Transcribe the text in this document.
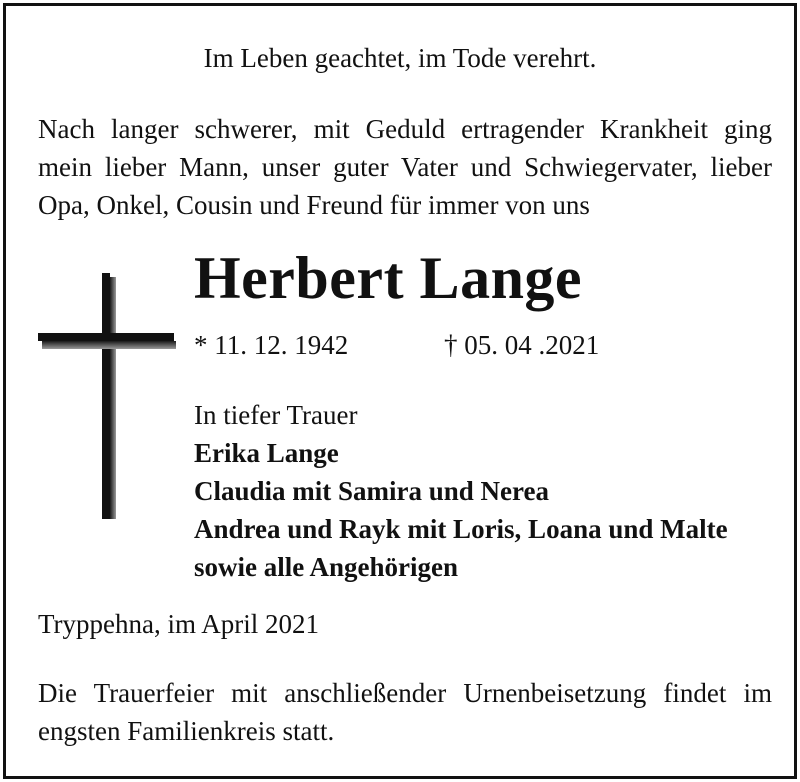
Im Leben geachtet, im Tode verehrt.
Nach langer schwerer, mit Geduld ertragender Krankheit ging
mein lieber Mann, unser guter Vater und Schwiegervater, lieber
Opa, Onkel, Cousin und Freund für immer von uns
Herbert Lange
* 11. 12. 1942	† 05. 04 .2021
In tiefer Trauer
Erika Lange
Claudia mit Samira und Nerea
Andrea und Rayk mit Loris, Loana und Malte
sowie alle Angehörigen
Tryppehna, im April 2021
Die Trauerfeier mit anschließender Urnenbeisetzung findet im
engsten Familienkreis statt.
